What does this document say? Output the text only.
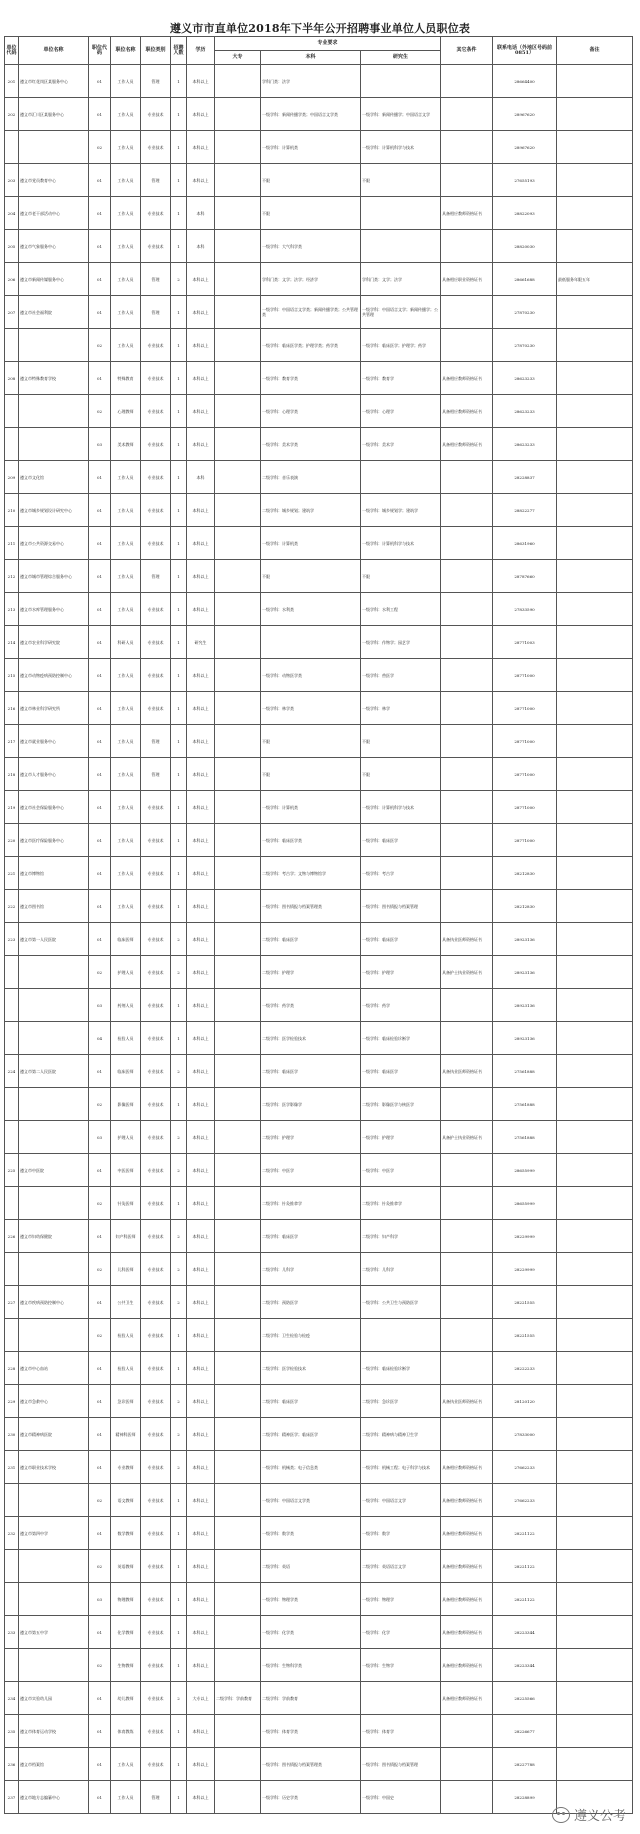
遵义市市直单位2018年下半年公开招聘事业单位人员职位表
单位代码	单位名称	职位代码	职位名称	职位类别	招聘人数	学历	专业要求			其它条件	联系电话（外地区号码前0851）	备注
							大专	本科	研究生			
201	遵义市红花岗区某服务中心	01	工作人员	管理	1	本科以上		学科门类：法学			28664400	
202	遵义市汇川区某服务中心	01	工作人员	专业技术	1	本科以上		一级学科：新闻传播学类；中国语言文学类	一级学科：新闻传播学；中国语言文学		28967620	
		02	工作人员	专业技术	1	本科以上		一级学科：计算机类	一级学科：计算机科学与技术		28967620	
203	遵义市党员教育中心	01	工作人员	管理	1	本科以上		不限	不限		27655193	
204	遵义市老干部活动中心	01	工作人员	专业技术	1	本科		不限		具备相应教师资格证书	28822093	
205	遵义市气象服务中心	01	工作人员	专业技术	1	本科		一级学科：大气科学类			28820030	
206	遵义市新闻传媒服务中心	01	工作人员	管理	2	本科以上		学科门类：文学；法学；经济学	学科门类：文学；法学	具备相应职业资格证书	28661688	最低服务年限五年
207	遵义市社会福利院	01	工作人员	管理	1	本科以上		一级学科：中国语言文学类；新闻传播学类；公共管理类	一级学科：中国语言文学；新闻传播学；公共管理		27870230	
		02	工作人员	专业技术	1	本科以上		一级学科：临床医学类；护理学类；药学类	一级学科：临床医学；护理学；药学		27870230	
208	遵义市特殊教育学校	01	特殊教育	专业技术	1	本科以上		一级学科：教育学类	一级学科：教育学	具备相应教师资格证书	28623233	
		02	心理教师	专业技术	1	本科以上		一级学科：心理学类	一级学科：心理学	具备相应教师资格证书	28623233	
		03	美术教师	专业技术	1	本科以上		一级学科：美术学类	一级学科：美术学	具备相应教师资格证书	28623233	
209	遵义市文化馆	01	工作人员	专业技术	1	本科		二级学科：音乐表演			28228837	
210	遵义市城乡规划设计研究中心	01	工作人员	专业技术	1	本科以上		二级学科：城乡规划；建筑学	一级学科：城乡规划学；建筑学		28822277	
211	遵义市公共资源交易中心	01	工作人员	专业技术	1	本科以上		一级学科：计算机类	一级学科：计算机科学与技术		28631960	
212	遵义市城市管理综合服务中心	01	工作人员	管理	1	本科以上		不限	不限		28787660	
213	遵义市水库管理服务中心	01	工作人员	专业技术	1	本科以上		一级学科：水利类	一级学科：水利工程		27833590	
214	遵义市农业科学研究院	01	科研人员	专业技术	1	研究生			一级学科：作物学；园艺学		28771003	
215	遵义市动物疫病预防控制中心	01	工作人员	专业技术	1	本科以上		一级学科：动物医学类	一级学科：兽医学		28771000	
216	遵义市林业科学研究所	01	工作人员	专业技术	1	本科以上		一级学科：林学类	一级学科：林学		28771000	
217	遵义市就业服务中心	01	工作人员	管理	1	本科以上		不限	不限		28771000	
218	遵义市人才服务中心	01	工作人员	管理	1	本科以上		不限	不限		28771000	
219	遵义市社会保险服务中心	01	工作人员	专业技术	1	本科以上		一级学科：计算机类	一级学科：计算机科学与技术		28771000	
220	遵义市医疗保险服务中心	01	工作人员	专业技术	1	本科以上		一级学科：临床医学类	一级学科：临床医学		28771000	
221	遵义市博物馆	01	工作人员	专业技术	1	本科以上		二级学科：考古学；文物与博物馆学	一级学科：考古学		28212830	
222	遵义市图书馆	01	工作人员	专业技术	1	本科以上		一级学科：图书情报与档案管理类	一级学科：图书情报与档案管理		28212830	
223	遵义市第一人民医院	01	临床医师	专业技术	2	本科以上		二级学科：临床医学	一级学科：临床医学	具备执业医师资格证书	28923136	
		02	护理人员	专业技术	2	本科以上		二级学科：护理学	一级学科：护理学	具备护士执业资格证书	28923136	
		03	药剂人员	专业技术	1	本科以上		一级学科：药学类	一级学科：药学		28923136	
		04	检验人员	专业技术	1	本科以上		二级学科：医学检验技术	一级学科：临床检验诊断学		28923136	
224	遵义市第二人民医院	01	临床医师	专业技术	2	本科以上		二级学科：临床医学	一级学科：临床医学	具备执业医师资格证书	27561888	
		02	影像医师	专业技术	1	本科以上		二级学科：医学影像学	二级学科：影像医学与核医学		27561888	
		03	护理人员	专业技术	2	本科以上		二级学科：护理学	一级学科：护理学	具备护士执业资格证书	27561888	
225	遵义市中医院	01	中医医师	专业技术	2	本科以上		二级学科：中医学	一级学科：中医学		28655999	
		02	针灸医师	专业技术	1	本科以上		二级学科：针灸推拿学	二级学科：针灸推拿学		28655999	
226	遵义市妇幼保健院	01	妇产科医师	专业技术	2	本科以上		二级学科：临床医学	二级学科：妇产科学		28229999	
		02	儿科医师	专业技术	2	本科以上		二级学科：儿科学	二级学科：儿科学		28229999	
227	遵义市疾病预防控制中心	01	公共卫生	专业技术	2	本科以上		二级学科：预防医学	一级学科：公共卫生与预防医学		28221555	
		02	检验人员	专业技术	1	本科以上		二级学科：卫生检验与检疫			28221555	
228	遵义市中心血站	01	检验人员	专业技术	1	本科以上		二级学科：医学检验技术	一级学科：临床检验诊断学		28222233	
229	遵义市急救中心	01	急诊医师	专业技术	2	本科以上		二级学科：临床医学	二级学科：急诊医学	具备执业医师资格证书	28120120	
230	遵义市精神病医院	01	精神科医师	专业技术	2	本科以上		二级学科：精神医学；临床医学	二级学科：精神病与精神卫生学		27833000	
231	遵义市职业技术学校	01	专业教师	专业技术	2	本科以上		一级学科：机械类；电子信息类	一级学科：机械工程；电子科学与技术	具备相应教师资格证书	27662233	
		02	语文教师	专业技术	1	本科以上		一级学科：中国语言文学类	一级学科：中国语言文学	具备相应教师资格证书	27662233	
232	遵义市第四中学	01	数学教师	专业技术	1	本科以上		一级学科：数学类	一级学科：数学	具备相应教师资格证书	28221122	
		02	英语教师	专业技术	1	本科以上		二级学科：英语	二级学科：英语语言文学	具备相应教师资格证书	28221122	
		03	物理教师	专业技术	1	本科以上		一级学科：物理学类	一级学科：物理学	具备相应教师资格证书	28221122	
233	遵义市第五中学	01	化学教师	专业技术	1	本科以上		一级学科：化学类	一级学科：化学	具备相应教师资格证书	28223344	
		02	生物教师	专业技术	1	本科以上		一级学科：生物科学类	一级学科：生物学	具备相应教师资格证书	28223344	
234	遵义市实验幼儿园	01	幼儿教师	专业技术	2	大专以上	二级学科：学前教育	二级学科：学前教育		具备相应教师资格证书	28225566	
235	遵义市体育运动学校	01	体育教练	专业技术	1	本科以上		一级学科：体育学类	一级学科：体育学		28226677	
236	遵义市档案馆	01	工作人员	专业技术	1	本科以上		一级学科：图书情报与档案管理类	一级学科：图书情报与档案管理		28227788	
237	遵义市地方志编纂中心	01	工作人员	管理	1	本科以上		一级学科：历史学类	一级学科：中国史		28228899	
遵义公考
